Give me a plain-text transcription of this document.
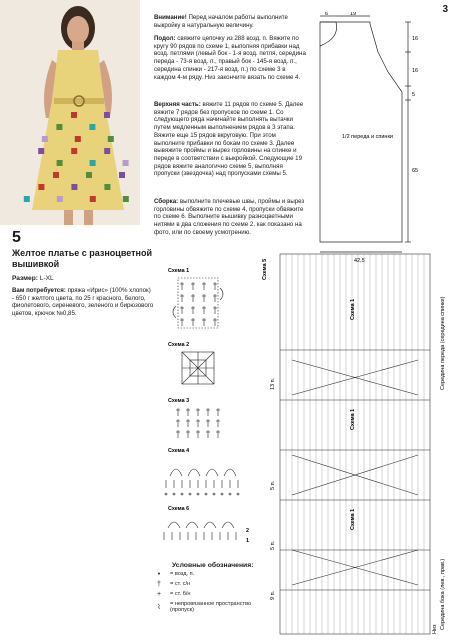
3
5
Желтое платье с разноцветной вышивкой
Размер: L-XL
Вам потребуется: пряжа «Ирис» (100% хлопок) - 650 г желтого цвета, по 25 г красного, белого, фиолетового, сиреневого, зеленого и бирюзового цветов, крючок №0,85.
Внимание! Перед началом работы выполните выкройку в натуральную величину.
Подол: свяжите цепочку из 288 возд. п. Вяжите по кругу 90 рядов по схеме 1, выполняя прибавки над возд. петлями (левый бок - 1-я возд. петля, середина переда - 73-я возд. п., правый бок - 145-я возд. п., середина спинки - 217-я возд. п.) по схеме 3 в каждом 4-м ряду. Низ закончите вязать по схеме 4.
Верхняя часть: вяжите 11 рядов по схеме 5. Далее вяжите 7 рядов без пропусков по схеме 1. Со следующего ряда начинайте выполнять вытачки путем медленным выполнением рядов в 3 этапа. Вяжите еще 15 рядов вкруговую. При этом выполните прибавки по бокам по схеме 3. Далее вывяжите проймы и вырез горловины на спинке и переде в соответствии с выкройкой. Следующие 19 рядов вяжите аналогично схеме 5, выполняя пропуски (звездочка) над пропусками схемы 5.
Сборка: выполните плечевые швы, проймы и вырез горловины обвяжите по схеме 4, пропуски обвяжите по схеме 6. Выполните вышивку разноцветными нитями в два сложения по схеме 2, как показано на фото, или по своему усмотрению.
6	19
16
16
5
65
42,5
1/2 переда и спинки
Схема 1
Схема 2
Схема 3
Схема 4
Схема 6
2
1
Условные обозначения:
•	= возд. п.
†	= ст. с/н
+	= ст. б/н
⌇	= непровязанное пространство (пропуск)
Схема 5
Схема 1
Схема 1
Схема 1
Середина переда (середина спинки)
Середина бока (лев., прав.)
13 п.
5 п.
5 п.
9 п.
Низ
